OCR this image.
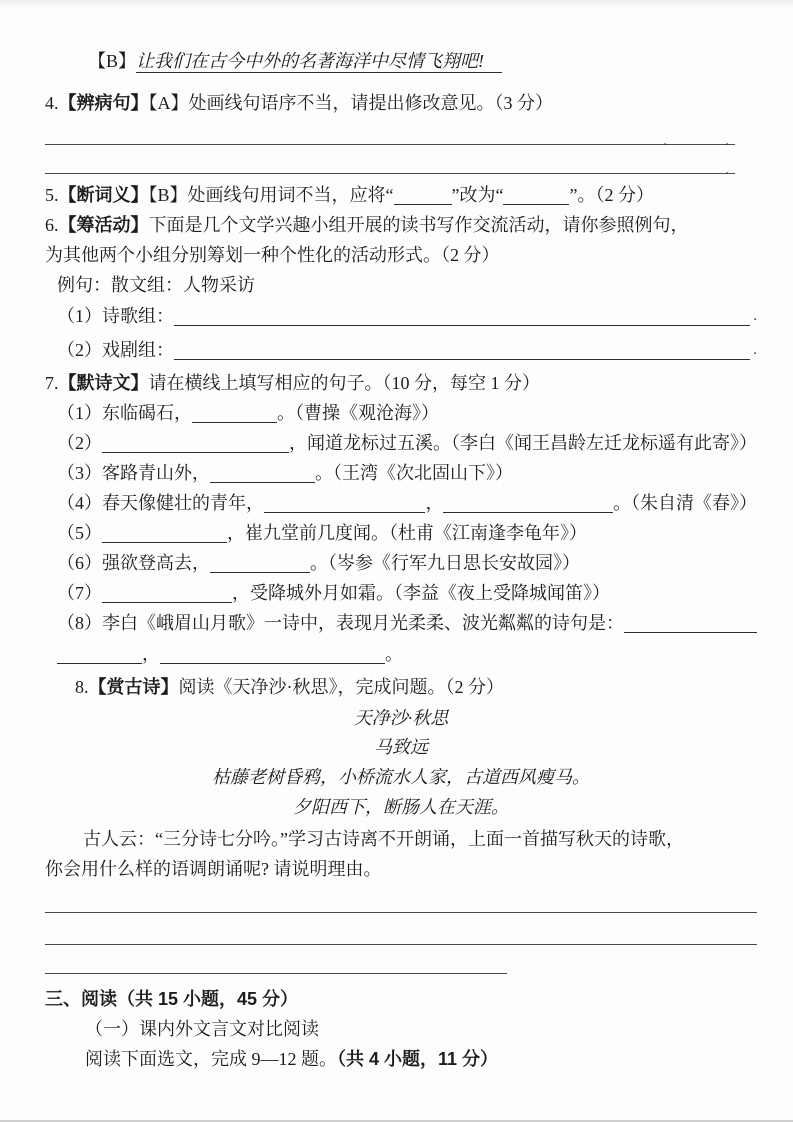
【B】让我们在古今中外的名著海洋中尽情飞翔吧!
4.【辨病句】【A】处画线句语序不当，请提出修改意见。（3 分）
.	.
.
5.【断词义】【B】处画线句用词不当，应将“	”改为“	”。（2 分）
6.【筹活动】下面是几个文学兴趣小组开展的读书写作交流活动，请你参照例句，
为其他两个小组分别筹划一种个性化的活动形式。（2 分）
例句：散文组：人物采访
（1）诗歌组：	.
（2）戏剧组：	.
7.【默诗文】请在横线上填写相应的句子。（10 分，每空 1 分）
（1）东临碣石，	。（曹操《观沧海》）
（2）	，闻道龙标过五溪。（李白《闻王昌龄左迁龙标遥有此寄》）
（3）客路青山外，	。（王湾《次北固山下》）
（4）春天像健壮的青年，	，	。（朱自清《春》）
（5）	，崔九堂前几度闻。（杜甫《江南逢李龟年》）
（6）强欲登高去，	。（岑参《行军九日思长安故园》）
（7）	，受降城外月如霜。（李益《夜上受降城闻笛》）
（8）李白《峨眉山月歌》一诗中，表现月光柔柔、波光粼粼的诗句是：
，	。
8.【赏古诗】阅读《天净沙·秋思》，完成问题。（2 分）
天净沙·秋思
马致远
枯藤老树昏鸦，小桥流水人家，古道西风瘦马。
夕阳西下，断肠人在天涯。
古人云：“三分诗七分吟。”学习古诗离不开朗诵，上面一首描写秋天的诗歌，
你会用什么样的语调朗诵呢? 请说明理由。
三、阅读（共 15 小题，45 分）
（一）课内外文言文对比阅读
阅读下面选文，完成 9—12 题。（共 4 小题，11 分）
